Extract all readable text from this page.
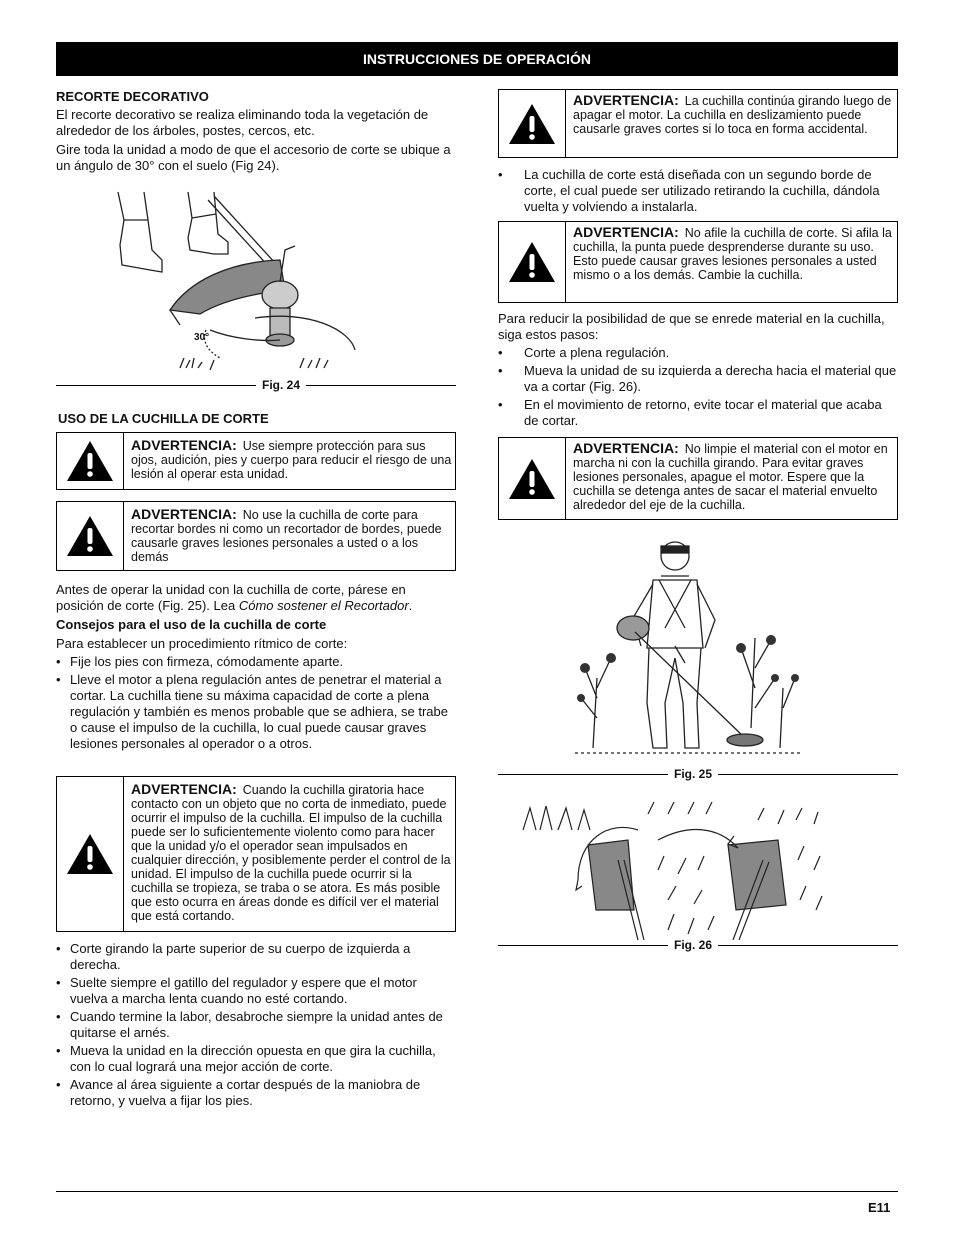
INSTRUCCIONES DE OPERACIÓN
RECORTE DECORATIVO

El recorte decorativo se realiza eliminando toda la vegetación de alrededor de los árboles, postes, cercos, etc.

Gire toda la unidad a modo de que el accesorio de corte se ubique a un ángulo de 30° con el suelo (Fig 24).

30°
Fig. 24
USO DE LA CUCHILLA DE CORTE
ADVERTENCIA: Use siempre protección para sus ojos, audición, pies y cuerpo para reducir el riesgo de una lesión al operar esta unidad.
ADVERTENCIA: No use la cuchilla de corte para recortar bordes ni como un recortador de bordes, puede causarle graves lesiones personales a usted o a los demás

Antes de operar la unidad con la cuchilla de corte, párese en posición de corte (Fig. 25). Lea Cómo sostener el Recortador.

Consejos para el uso de la cuchilla de corte

Para establecer un procedimiento rítmico de corte:

• Fije los pies con firmeza, cómodamente aparte.
• Lleve el motor a plena regulación antes de penetrar el material a cortar. La cuchilla tiene su máxima capacidad de corte a plena regulación y también es menos probable que se adhiera, se trabe o cause el impulso de la cuchilla, lo cual puede causar graves lesiones personales al operador o a otros.
ADVERTENCIA: Cuando la cuchilla giratoria hace contacto con un objeto que no corta de inmediato, puede ocurrir el impulso de la cuchilla. El impulso de la cuchilla puede ser lo suficientemente violento como para hacer que la unidad y/o el operador sean impulsados en cualquier dirección, y posiblemente perder el control de la unidad. El impulso de la cuchilla puede ocurrir si la cuchilla se tropieza, se traba o se atora. Es más posible que esto ocurra en áreas donde es difícil ver el material que está cortando.
• Corte girando la parte superior de su cuerpo de izquierda a derecha.
• Suelte siempre el gatillo del regulador y espere que el motor vuelva a marcha lenta cuando no esté cortando.
• Cuando termine la labor, desabroche siempre la unidad antes de quitarse el arnés.
• Mueva la unidad en la dirección opuesta en que gira la cuchilla, con lo cual logrará una mejor acción de corte.
• Avance al área siguiente a cortar después de la maniobra de retorno, y vuelva a fijar los pies.
ADVERTENCIA: La cuchilla continúa girando luego de apagar el motor. La cuchilla en deslizamiento puede causarle graves cortes si lo toca en forma accidental.
• La cuchilla de corte está diseñada con un segundo borde de corte, el cual puede ser utilizado retirando la cuchilla, dándola vuelta y volviendo a instalarla.
ADVERTENCIA: No afile la cuchilla de corte. Si afila la cuchilla, la punta puede desprenderse durante su uso. Esto puede causar graves lesiones personales a usted mismo o a los demás. Cambie la cuchilla.

Para reducir la posibilidad de que se enrede material en la cuchilla, siga estos pasos:

• Corte a plena regulación.
• Mueva la unidad de su izquierda a derecha hacia el material que va a cortar (Fig. 26).
• En el movimiento de retorno, evite tocar el material que acaba de cortar.
ADVERTENCIA: No limpie el material con el motor en marcha ni con la cuchilla girando. Para evitar graves lesiones personales, apague el motor. Espere que la cuchilla se detenga antes de sacar el material envuelto alrededor del eje de la cuchilla.
Fig. 25
Fig. 26
E11
